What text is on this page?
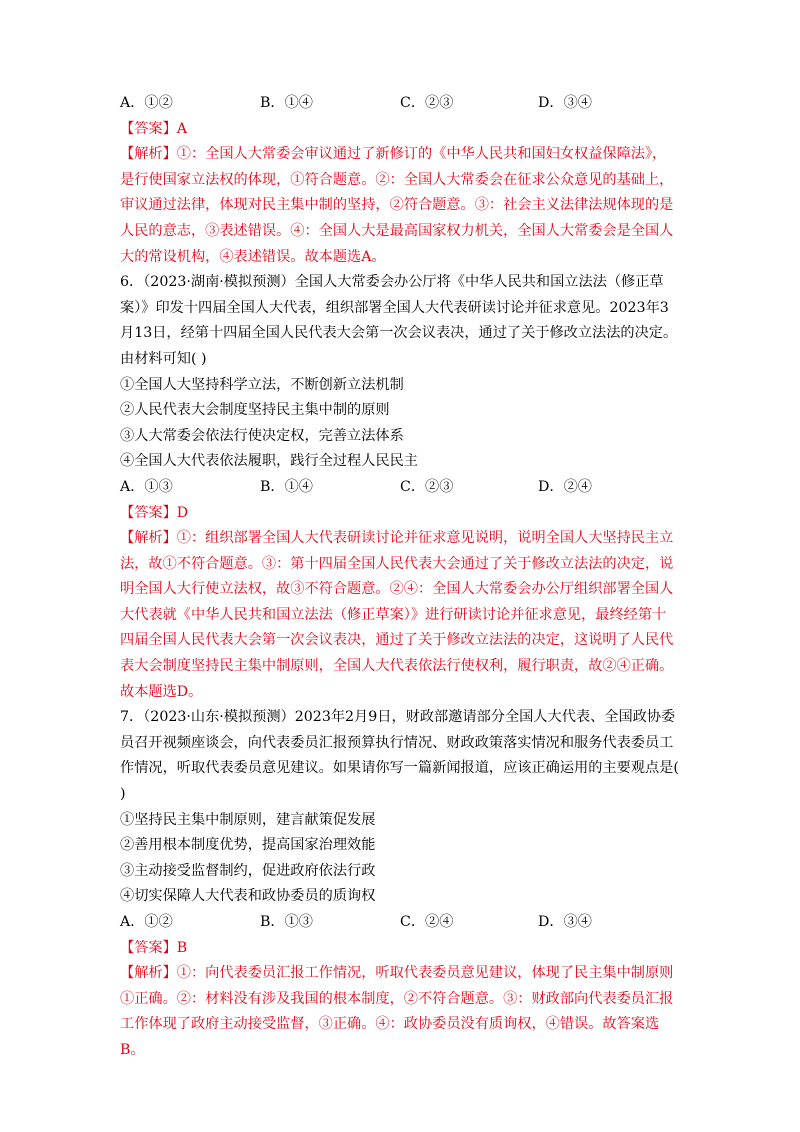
A．①②	B．①④	C．②③	D．③④
【答案】A
【解析】①：全国人大常委会审议通过了新修订的《中华人民共和国妇女权益保障法》，
是行使国家立法权的体现，①符合题意。②：全国人大常委会在征求公众意见的基础上，
审议通过法律，体现对民主集中制的坚持，②符合题意。③：社会主义法律法规体现的是
人民的意志，③表述错误。④：全国人大是最高国家权力机关，全国人大常委会是全国人
大的常设机构，④表述错误。故本题选A。
6．（2023·湖南·模拟预测）全国人大常委会办公厅将《中华人民共和国立法法（修正草
案）》印发十四届全国人大代表，组织部署全国人大代表研读讨论并征求意见。2023年3
月13日，经第十四届全国人民代表大会第一次会议表决，通过了关于修改立法法的决定。
由材料可知( )
①全国人大坚持科学立法，不断创新立法机制
②人民代表大会制度坚持民主集中制的原则
③人大常委会依法行使决定权，完善立法体系
④全国人大代表依法履职，践行全过程人民民主
A．①③	B．①④	C．②③	D．②④
【答案】D
【解析】①：组织部署全国人大代表研读讨论并征求意见说明，说明全国人大坚持民主立
法，故①不符合题意。③：第十四届全国人民代表大会通过了关于修改立法法的决定，说
明全国人大行使立法权，故③不符合题意。②④：全国人大常委会办公厅组织部署全国人
大代表就《中华人民共和国立法法（修正草案）》进行研读讨论并征求意见，最终经第十
四届全国人民代表大会第一次会议表决，通过了关于修改立法法的决定，这说明了人民代
表大会制度坚持民主集中制原则，全国人大代表依法行使权利，履行职责，故②④正确。
故本题选D。
7．（2023·山东·模拟预测）2023年2月9日，财政部邀请部分全国人大代表、全国政协委
员召开视频座谈会，向代表委员汇报预算执行情况、财政政策落实情况和服务代表委员工
作情况，听取代表委员意见建议。如果请你写一篇新闻报道，应该正确运用的主要观点是(
)
①坚持民主集中制原则，建言献策促发展
②善用根本制度优势，提高国家治理效能
③主动接受监督制约，促进政府依法行政
④切实保障人大代表和政协委员的质询权
A．①②	B．①③	C．②④	D．③④
【答案】B
【解析】①：向代表委员汇报工作情况，听取代表委员意见建议，体现了民主集中制原则
①正确。②：材料没有涉及我国的根本制度，②不符合题意。③：财政部向代表委员汇报
工作体现了政府主动接受监督，③正确。④：政协委员没有质询权，④错误。故答案选
B。
